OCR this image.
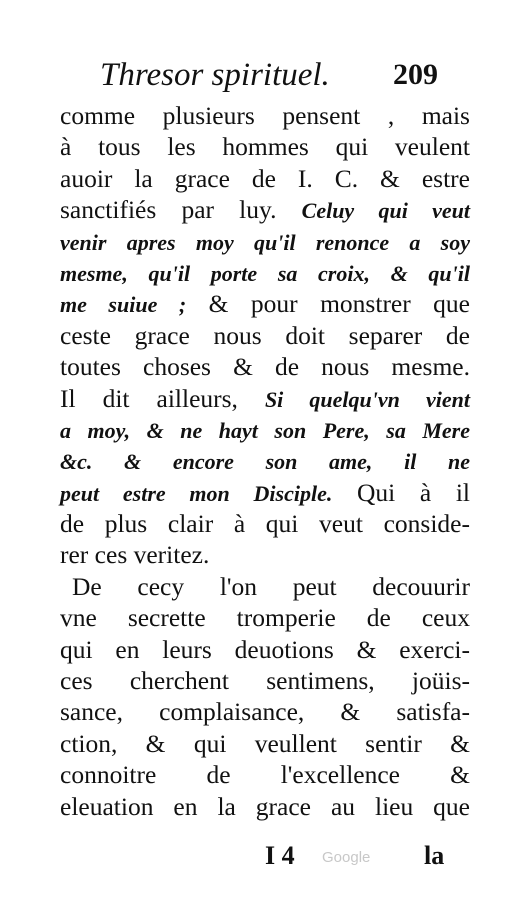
Thresor spirituel. 209
comme plusieurs pensent , mais
à tous les hommes qui veulent
auoir la grace de I. C. & estre
sanctifiés par luy. Celuy qui veut
venir apres moy qu'il renonce a soy
mesme, qu'il porte sa croix, & qu'il
me suiue ; & pour monstrer que
ceste grace nous doit separer de
toutes choses & de nous mesme.
Il dit ailleurs, Si quelqu'vn vient
a moy, & ne hayt son Pere, sa Mere
&c. & encore son ame, il ne
peut estre mon Disciple. Qui à il
de plus clair à qui veut conside-
rer ces veritez.
De cecy l'on peut decouurir
vne secrette tromperie de ceux
qui en leurs deuotions & exerci-
ces cherchent sentimens, joüis-
sance, complaisance, & satisfa-
ction, & qui veullent sentir &
connoitre de l'excellence &
eleuation en la grace au lieu que
I 4 Google la
